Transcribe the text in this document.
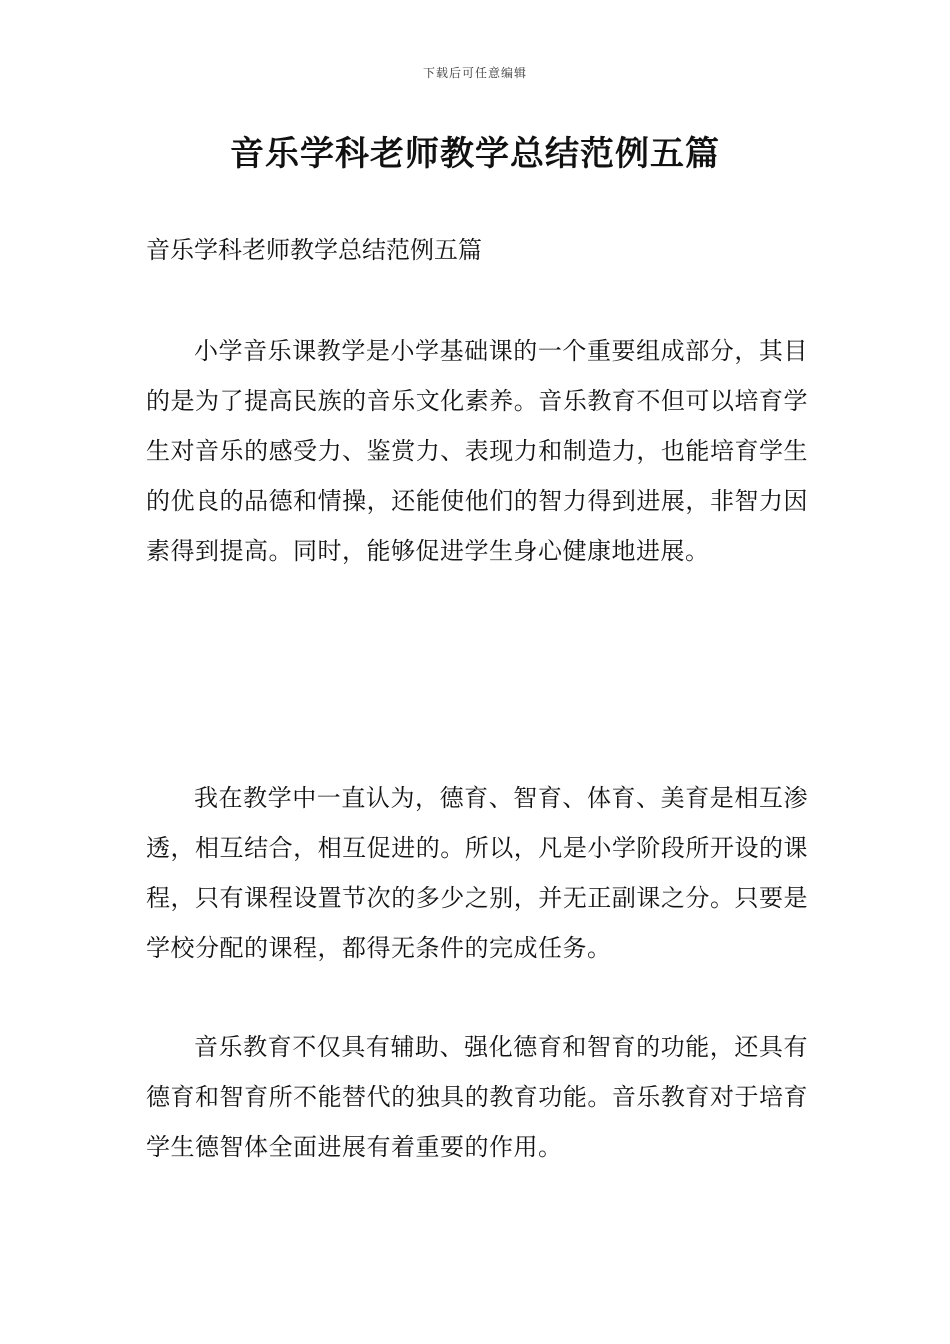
下载后可任意编辑
音乐学科老师教学总结范例五篇

音乐学科老师教学总结范例五篇

小学音乐课教学是小学基础课的一个重要组成部分，其目的是为了提高民族的音乐文化素养。音乐教育不但可以培育学生对音乐的感受力、鉴赏力、表现力和制造力，也能培育学生的优良的品德和情操，还能使他们的智力得到进展，非智力因素得到提高。同时，能够促进学生身心健康地进展。

我在教学中一直认为，德育、智育、体育、美育是相互渗透，相互结合，相互促进的。所以，凡是小学阶段所开设的课程，只有课程设置节次的多少之别，并无正副课之分。只要是学校分配的课程，都得无条件的完成任务。

音乐教育不仅具有辅助、强化德育和智育的功能，还具有德育和智育所不能替代的独具的教育功能。音乐教育对于培育学生德智体全面进展有着重要的作用。
